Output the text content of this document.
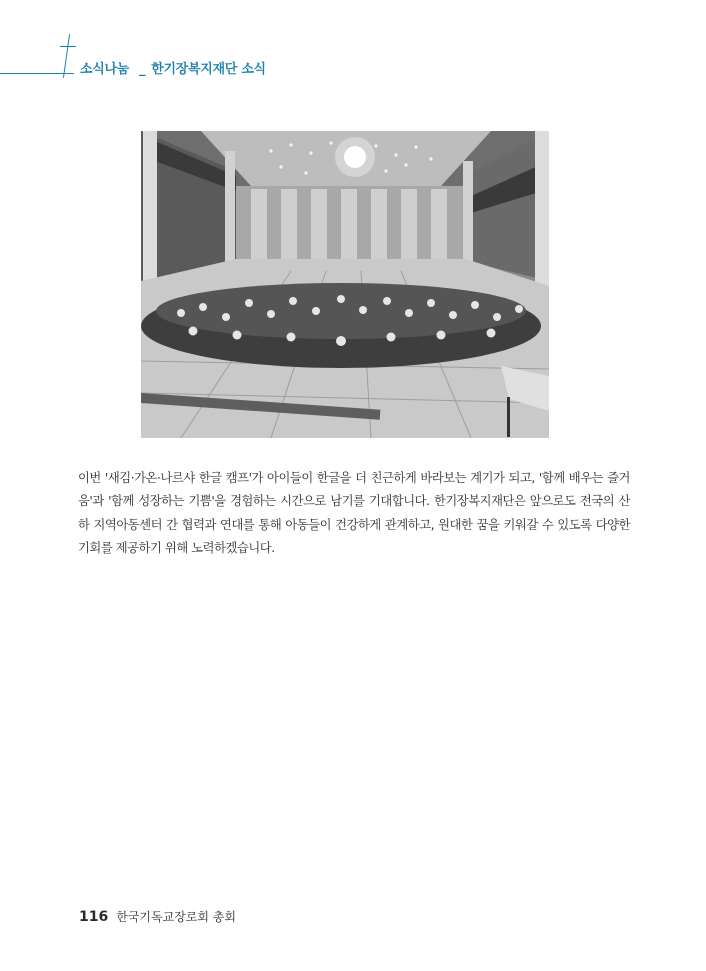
소식나눔 _ 한기장복지재단 소식

이번 '새김·가온·나르샤 한글 캠프'가 아이들이 한글을 더 친근하게 바라보는 계기가 되고, '함께 배우는 즐거움'과 '함께 성장하는 기쁨'을 경험하는 시간으로 남기를 기대합니다. 한기장복지재단은 앞으로도 전국의 산하 지역아동센터 간 협력과 연대를 통해 아동들이 건강하게 관계하고, 원대한 꿈을 키워갈 수 있도록 다양한 기회를 제공하기 위해 노력하겠습니다.

116 한국기독교장로회 총회
